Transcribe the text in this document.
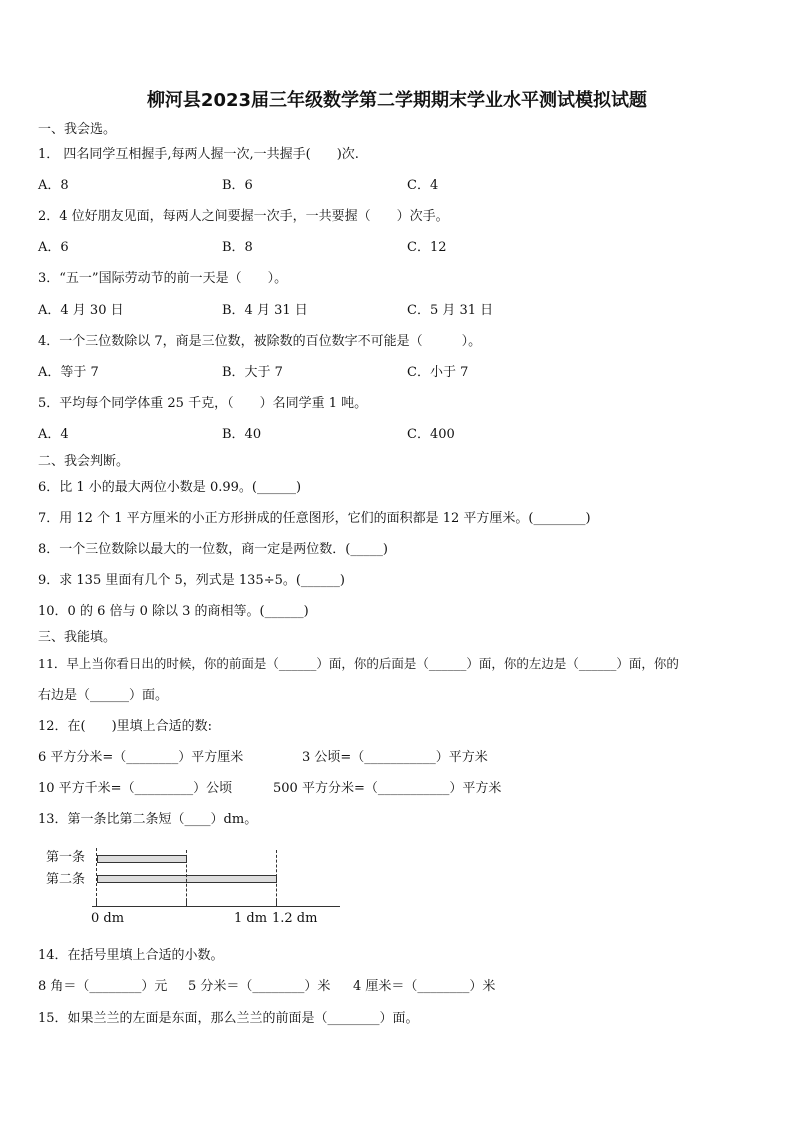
柳河县2023届三年级数学第二学期期末学业水平测试模拟试题
一、我会选。
1． 四名同学互相握手,每两人握一次,一共握手(　　)次.
A．8	B．6	C．4
2．4 位好朋友见面，每两人之间要握一次手，一共要握（　　）次手。
A．6	B．8	C．12
3．“五一”国际劳动节的前一天是（　　）。
A．4 月 30 日	B．4 月 31 日	C．5 月 31 日
4．一个三位数除以 7，商是三位数，被除数的百位数字不可能是（　　　）。
A．等于 7	B．大于 7	C．小于 7
5．平均每个同学体重 25 千克，（　　）名同学重 1 吨。
A．4	B．40	C．400
二、我会判断。
6．比 1 小的最大两位小数是 0.99。(______)
7．用 12 个 1 平方厘米的小正方形拼成的任意图形，它们的面积都是 12 平方厘米。(________)
8．一个三位数除以最大的一位数，商一定是两位数．(_____)
9．求 135 里面有几个 5，列式是 135÷5。(______)
10．0 的 6 倍与 0 除以 3 的商相等。(______)
三、我能填。
11．早上当你看日出的时候，你的前面是（______）面，你的后面是（______）面，你的左边是（______）面，你的
右边是（______）面。
12．在(　　)里填上合适的数:
6 平方分米=（________）平方厘米	3 公顷=（___________）平方米
10 平方千米=（_________）公顷	500 平方分米=（___________）平方米
13．第一条比第二条短（____）dm。
第一条
第二条
0 dm	1 dm 1.2 dm
14．在括号里填上合适的小数。
8 角＝（________）元 5 分米＝（________）米 4 厘米＝（________）米
15．如果兰兰的左面是东面，那么兰兰的前面是（________）面。
